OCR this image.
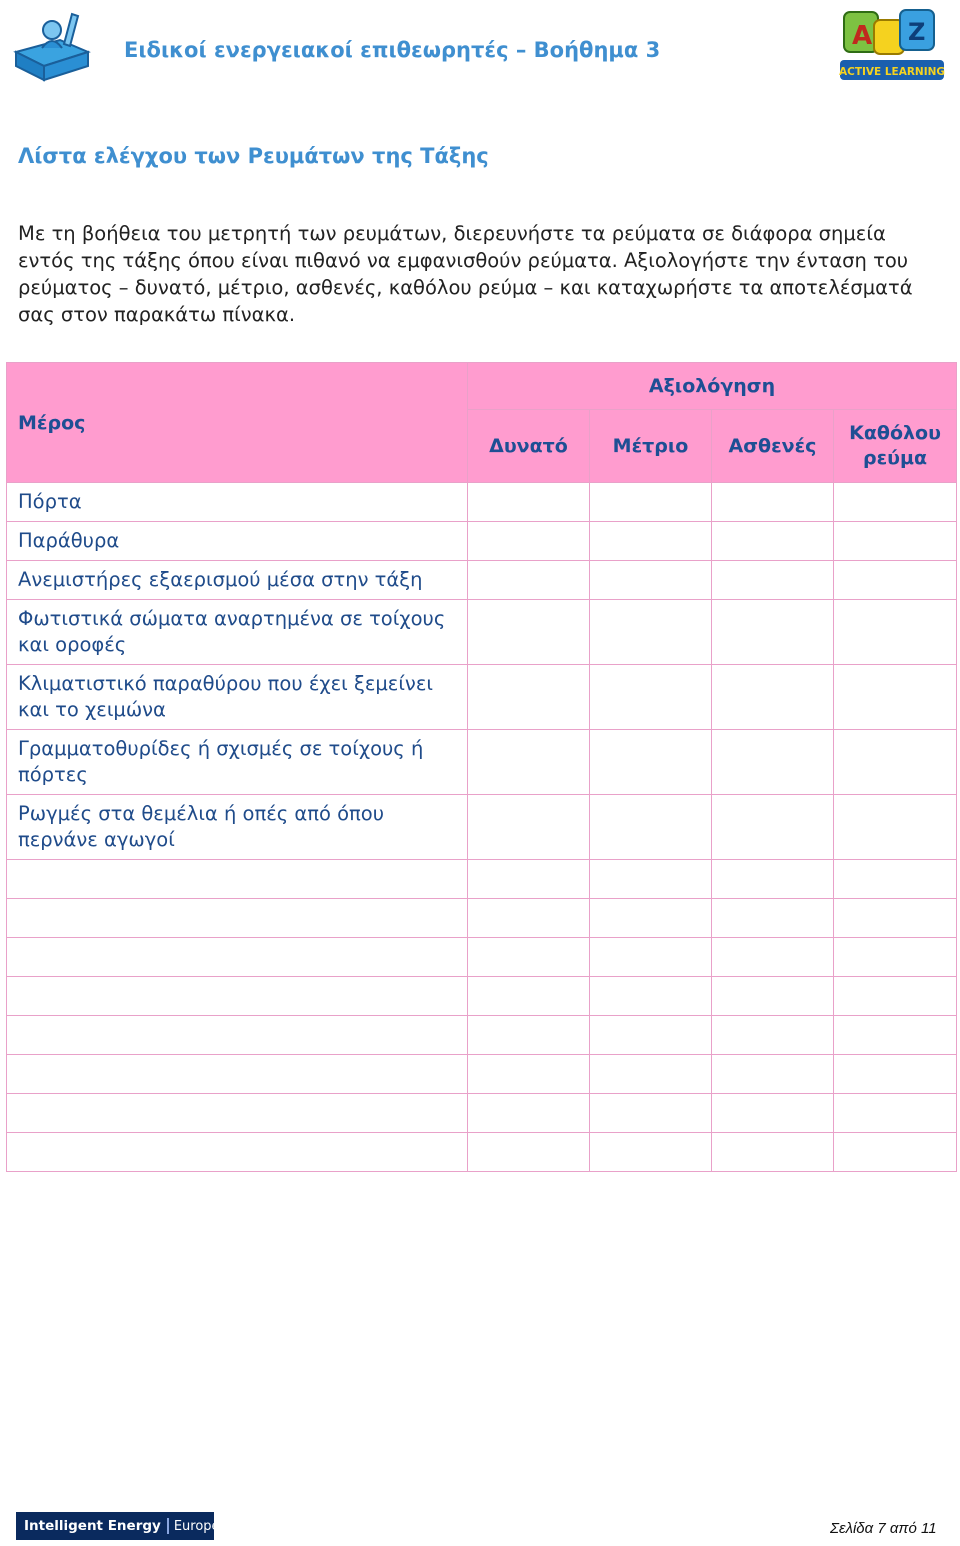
Ειδικοί ενεργειακοί επιθεωρητές – Βοήθημα 3	A Z
ACTIVE LEARNING
Λίστα ελέγχου των Ρευμάτων της Τάξης

Με τη βοήθεια του μετρητή των ρευμάτων, διερευνήστε τα ρεύματα σε διάφορα σημεία εντός της τάξης όπου είναι πιθανό να εμφανισθούν ρεύματα. Αξιολογήστε την ένταση του ρεύματος – δυνατό, μέτριο, ασθενές, καθόλου ρεύμα – και καταχωρήστε τα αποτελέσματά σας στον παρακάτω πίνακα.

Μέρος	Αξιολόγηση			
	Δυνατό	Μέτριο	Ασθενές	Καθόλου ρεύμα
Πόρτα				
Παράθυρα				
Ανεμιστήρες εξαερισμού μέσα στην τάξη				
Φωτιστικά σώματα αναρτημένα σε τοίχους και οροφές				
Κλιματιστικό παραθύρου που έχει ξεμείνει και το χειμώνα				
Γραμματοθυρίδες ή σχισμές σε τοίχους ή πόρτες				
Ρωγμές στα θεμέλια ή οπές από όπου περνάνε αγωγοί				

Intelligent Energy Europe	Σελίδα 7 από 11
